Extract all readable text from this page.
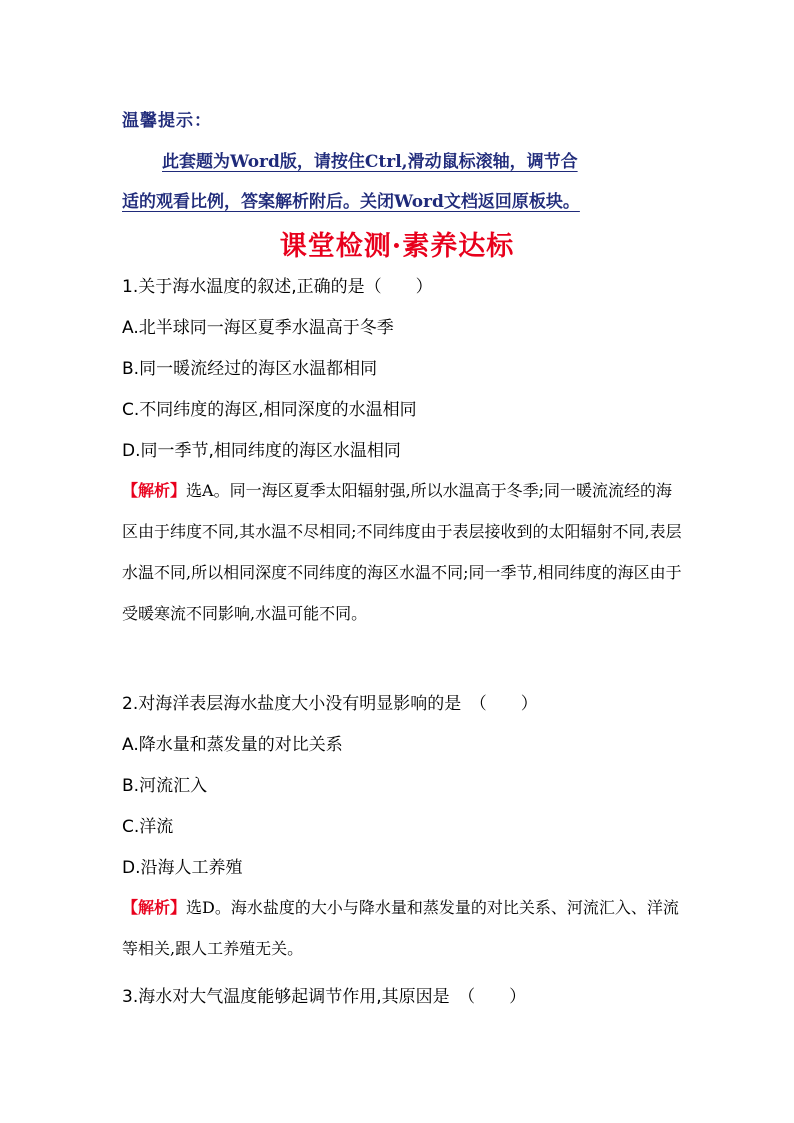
温馨提示：
此套题为Word版，请按住Ctrl,滑动鼠标滚轴，调节合
适的观看比例，答案解析附后。关闭Word文档返回原板块。
课堂检测·素养达标
1.关于海水温度的叙述,正确的是（　　）
A.北半球同一海区夏季水温高于冬季
B.同一暖流经过的海区水温都相同
C.不同纬度的海区,相同深度的水温相同
D.同一季节,相同纬度的海区水温相同
【解析】选A。同一海区夏季太阳辐射强,所以水温高于冬季;同一暖流流经的海区由于纬度不同,其水温不尽相同;不同纬度由于表层接收到的太阳辐射不同,表层水温不同,所以相同深度不同纬度的海区水温不同;同一季节,相同纬度的海区由于受暖寒流不同影响,水温可能不同。
2.对海洋表层海水盐度大小没有明显影响的是　（　　）
A.降水量和蒸发量的对比关系
B.河流汇入
C.洋流
D.沿海人工养殖
【解析】选D。海水盐度的大小与降水量和蒸发量的对比关系、河流汇入、洋流等相关,跟人工养殖无关。
3.海水对大气温度能够起调节作用,其原因是　（　　）
